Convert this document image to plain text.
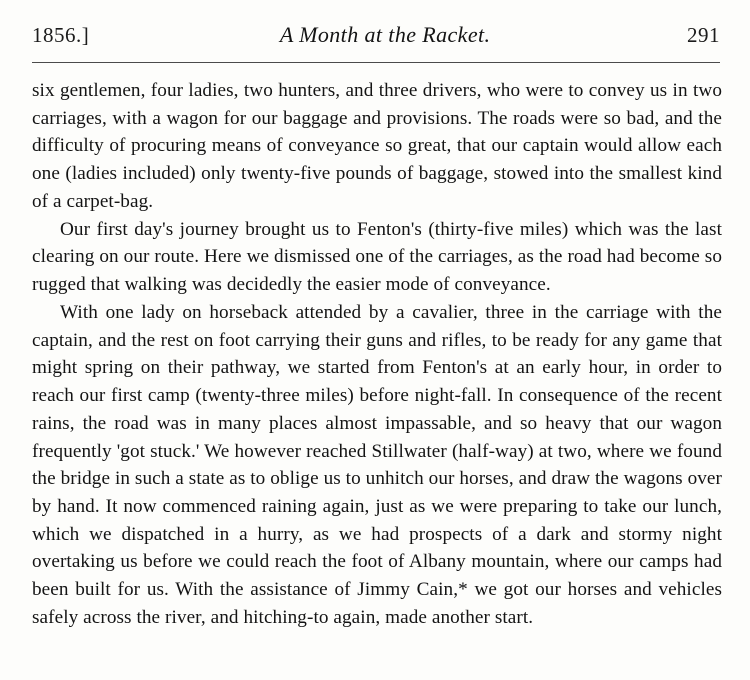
1856.]	A Month at the Racket.	291

six gentlemen, four ladies, two hunters, and three drivers, who were to convey us in two carriages, with a wagon for our baggage and provisions. The roads were so bad, and the difficulty of procuring means of conveyance so great, that our captain would allow each one (ladies included) only twenty-five pounds of baggage, stowed into the smallest kind of a carpet-bag.

Our first day's journey brought us to Fenton's (thirty-five miles) which was the last clearing on our route. Here we dismissed one of the carriages, as the road had become so rugged that walking was decidedly the easier mode of conveyance.

With one lady on horseback attended by a cavalier, three in the carriage with the captain, and the rest on foot carrying their guns and rifles, to be ready for any game that might spring on their pathway, we started from Fenton's at an early hour, in order to reach our first camp (twenty-three miles) before night-fall. In consequence of the recent rains, the road was in many places almost impassable, and so heavy that our wagon frequently 'got stuck.' We however reached Stillwater (half-way) at two, where we found the bridge in such a state as to oblige us to unhitch our horses, and draw the wagons over by hand. It now commenced raining again, just as we were preparing to take our lunch, which we dispatched in a hurry, as we had prospects of a dark and stormy night overtaking us before we could reach the foot of Albany mountain, where our camps had been built for us. With the assistance of Jimmy Cain,* we got our horses and vehicles safely across the river, and hitching-to again, made another start.
